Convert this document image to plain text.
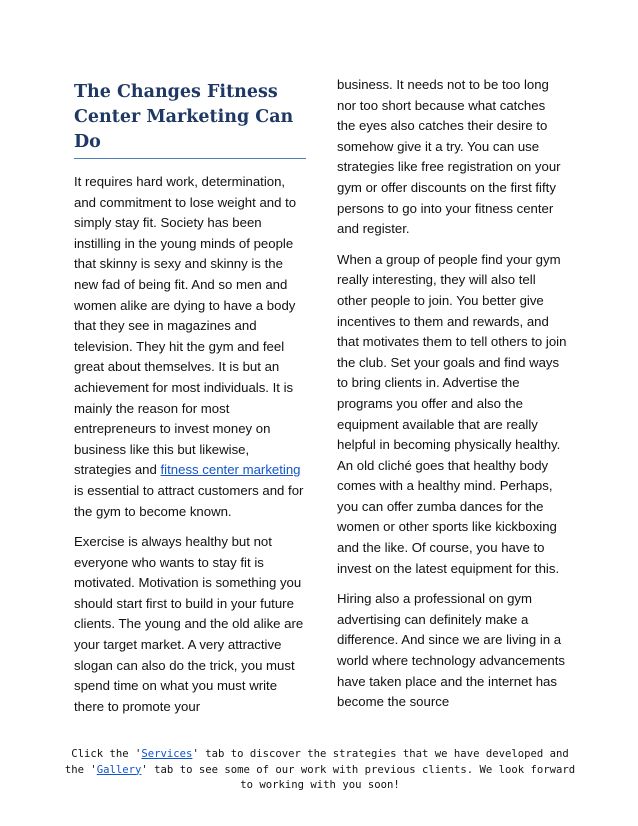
The Changes Fitness Center Marketing Can Do

It requires hard work, determination, and commitment to lose weight and to simply stay fit. Society has been instilling in the young minds of people that skinny is sexy and skinny is the new fad of being fit. And so men and women alike are dying to have a body that they see in magazines and television. They hit the gym and feel great about themselves. It is but an achievement for most individuals. It is mainly the reason for most entrepreneurs to invest money on business like this but likewise, strategies and fitness center marketing is essential to attract customers and for the gym to become known.

Exercise is always healthy but not everyone who wants to stay fit is motivated. Motivation is something you should start first to build in your future clients. The young and the old alike are your target market. A very attractive slogan can also do the trick, you must spend time on what you must write there to promote your

business. It needs not to be too long nor too short because what catches the eyes also catches their desire to somehow give it a try. You can use strategies like free registration on your gym or offer discounts on the first fifty persons to go into your fitness center and register.

When a group of people find your gym really interesting, they will also tell other people to join. You better give incentives to them and rewards, and that motivates them to tell others to join the club. Set your goals and find ways to bring clients in. Advertise the programs you offer and also the equipment available that are really helpful in becoming physically healthy. An old cliché goes that healthy body comes with a healthy mind. Perhaps, you can offer zumba dances for the women or other sports like kickboxing and the like. Of course, you have to invest on the latest equipment for this.

Hiring also a professional on gym advertising can definitely make a difference. And since we are living in a world where technology advancements have taken place and the internet has become the source

Click the 'Services' tab to discover the strategies that we have developed and the 'Gallery' tab to see some of our work with previous clients. We look forward to working with you soon!
